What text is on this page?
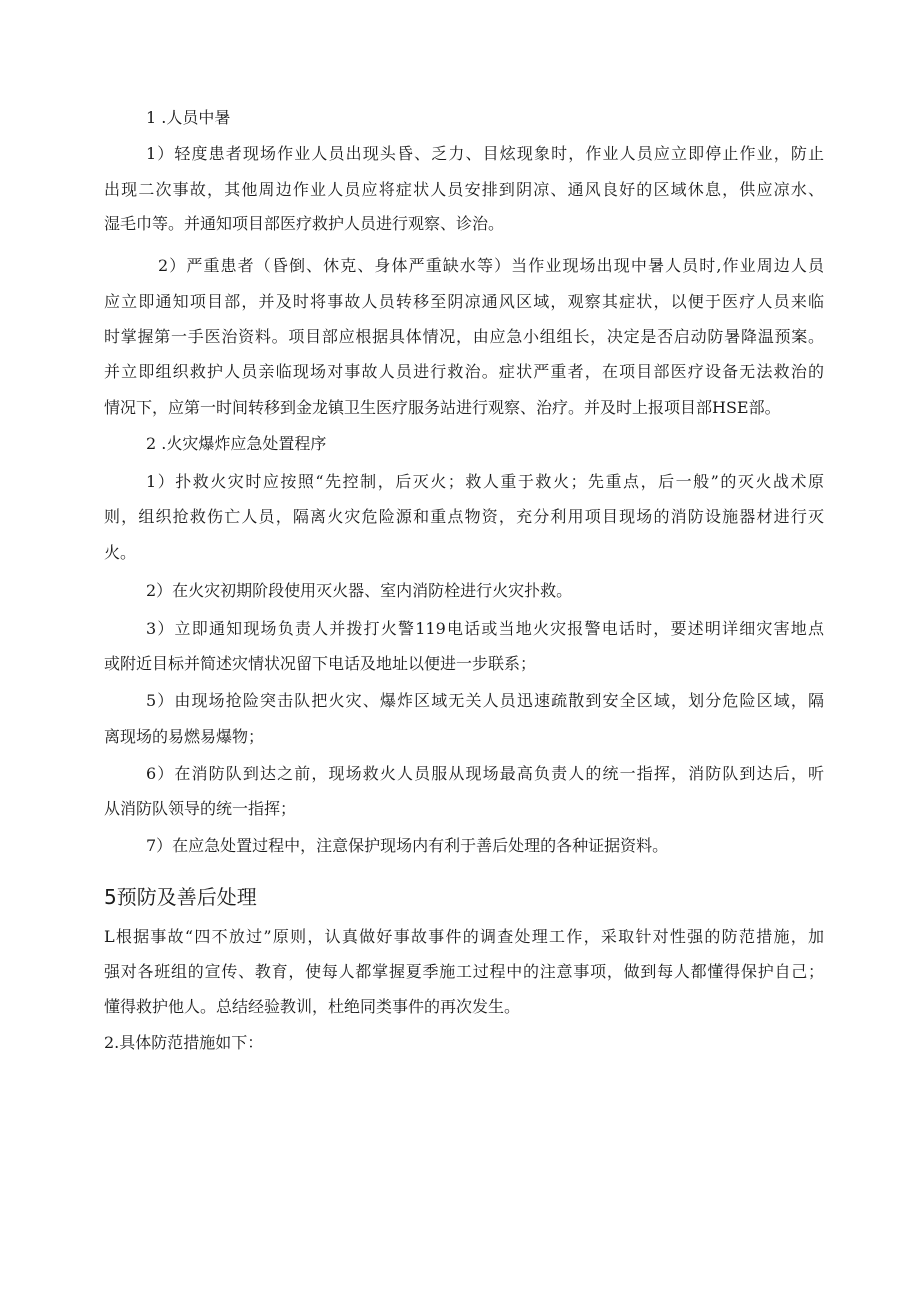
1 .人员中暑
1）轻度患者现场作业人员出现头昏、乏力、目炫现象时，作业人员应立即停止作业，防止
出现二次事故，其他周边作业人员应将症状人员安排到阴凉、通风良好的区域休息，供应凉水、
湿毛巾等。并通知项目部医疗救护人员进行观察、诊治。
2）严重患者（昏倒、休克、身体严重缺水等）当作业现场出现中暑人员时,作业周边人员
应立即通知项目部，并及时将事故人员转移至阴凉通风区域，观察其症状，以便于医疗人员来临
时掌握第一手医治资料。项目部应根据具体情况，由应急小组组长，决定是否启动防暑降温预案。
并立即组织救护人员亲临现场对事故人员进行救治。症状严重者，在项目部医疗设备无法救治的
情况下，应第一时间转移到金龙镇卫生医疗服务站进行观察、治疗。并及时上报项目部HSE部。
2 .火灾爆炸应急处置程序
1）扑救火灾时应按照“先控制，后灭火；救人重于救火；先重点，后一般”的灭火战术原
则，组织抢救伤亡人员，隔离火灾危险源和重点物资，充分利用项目现场的消防设施器材进行灭
火。
2）在火灾初期阶段使用灭火器、室内消防栓进行火灾扑救。
3）立即通知现场负责人并拨打火警119电话或当地火灾报警电话时，要述明详细灾害地点
或附近目标并简述灾情状况留下电话及地址以便进一步联系；
5）由现场抢险突击队把火灾、爆炸区域无关人员迅速疏散到安全区域，划分危险区域，隔
离现场的易燃易爆物；
6）在消防队到达之前，现场救火人员服从现场最高负责人的统一指挥，消防队到达后，听
从消防队领导的统一指挥；
7）在应急处置过程中，注意保护现场内有利于善后处理的各种证据资料。
5预防及善后处理
L根据事故“四不放过”原则，认真做好事故事件的调查处理工作，采取针对性强的防范措施，加
强对各班组的宣传、教育，使每人都掌握夏季施工过程中的注意事项，做到每人都懂得保护自己；
懂得救护他人。总结经验教训，杜绝同类事件的再次发生。
2.具体防范措施如下：
